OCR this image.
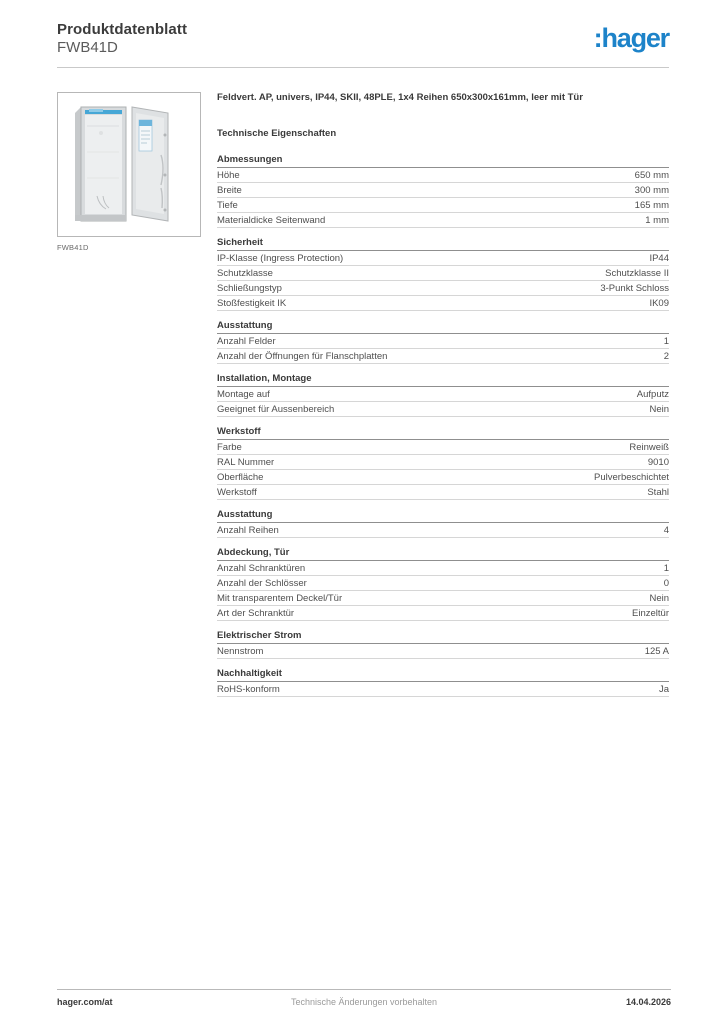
Produktdatenblatt
FWB41D	:hager
FWB41D
Feldvert. AP, univers, IP44, SKII, 48PLE, 1x4 Reihen 650x300x161mm, leer mit Tür
Technische Eigenschaften
Abmessungen
Höhe	650 mm
Breite	300 mm
Tiefe	165 mm
Materialdicke Seitenwand	1 mm
Sicherheit
IP-Klasse (Ingress Protection)	IP44
Schutzklasse	Schutzklasse II
Schließungstyp	3-Punkt Schloss
Stoßfestigkeit IK	IK09
Ausstattung
Anzahl Felder	1
Anzahl der Öffnungen für Flanschplatten	2
Installation, Montage
Montage auf	Aufputz
Geeignet für Aussenbereich	Nein
Werkstoff
Farbe	Reinweiß
RAL Nummer	9010
Oberfläche	Pulverbeschichtet
Werkstoff	Stahl
Ausstattung
Anzahl Reihen	4
Abdeckung, Tür
Anzahl Schranktüren	1
Anzahl der Schlösser	0
Mit transparentem Deckel/Tür	Nein
Art der Schranktür	Einzeltür
Elektrischer Strom
Nennstrom	125 A
Nachhaltigkeit
RoHS-konform	Ja
hager.com/at	Technische Änderungen vorbehalten	14.04.2026
